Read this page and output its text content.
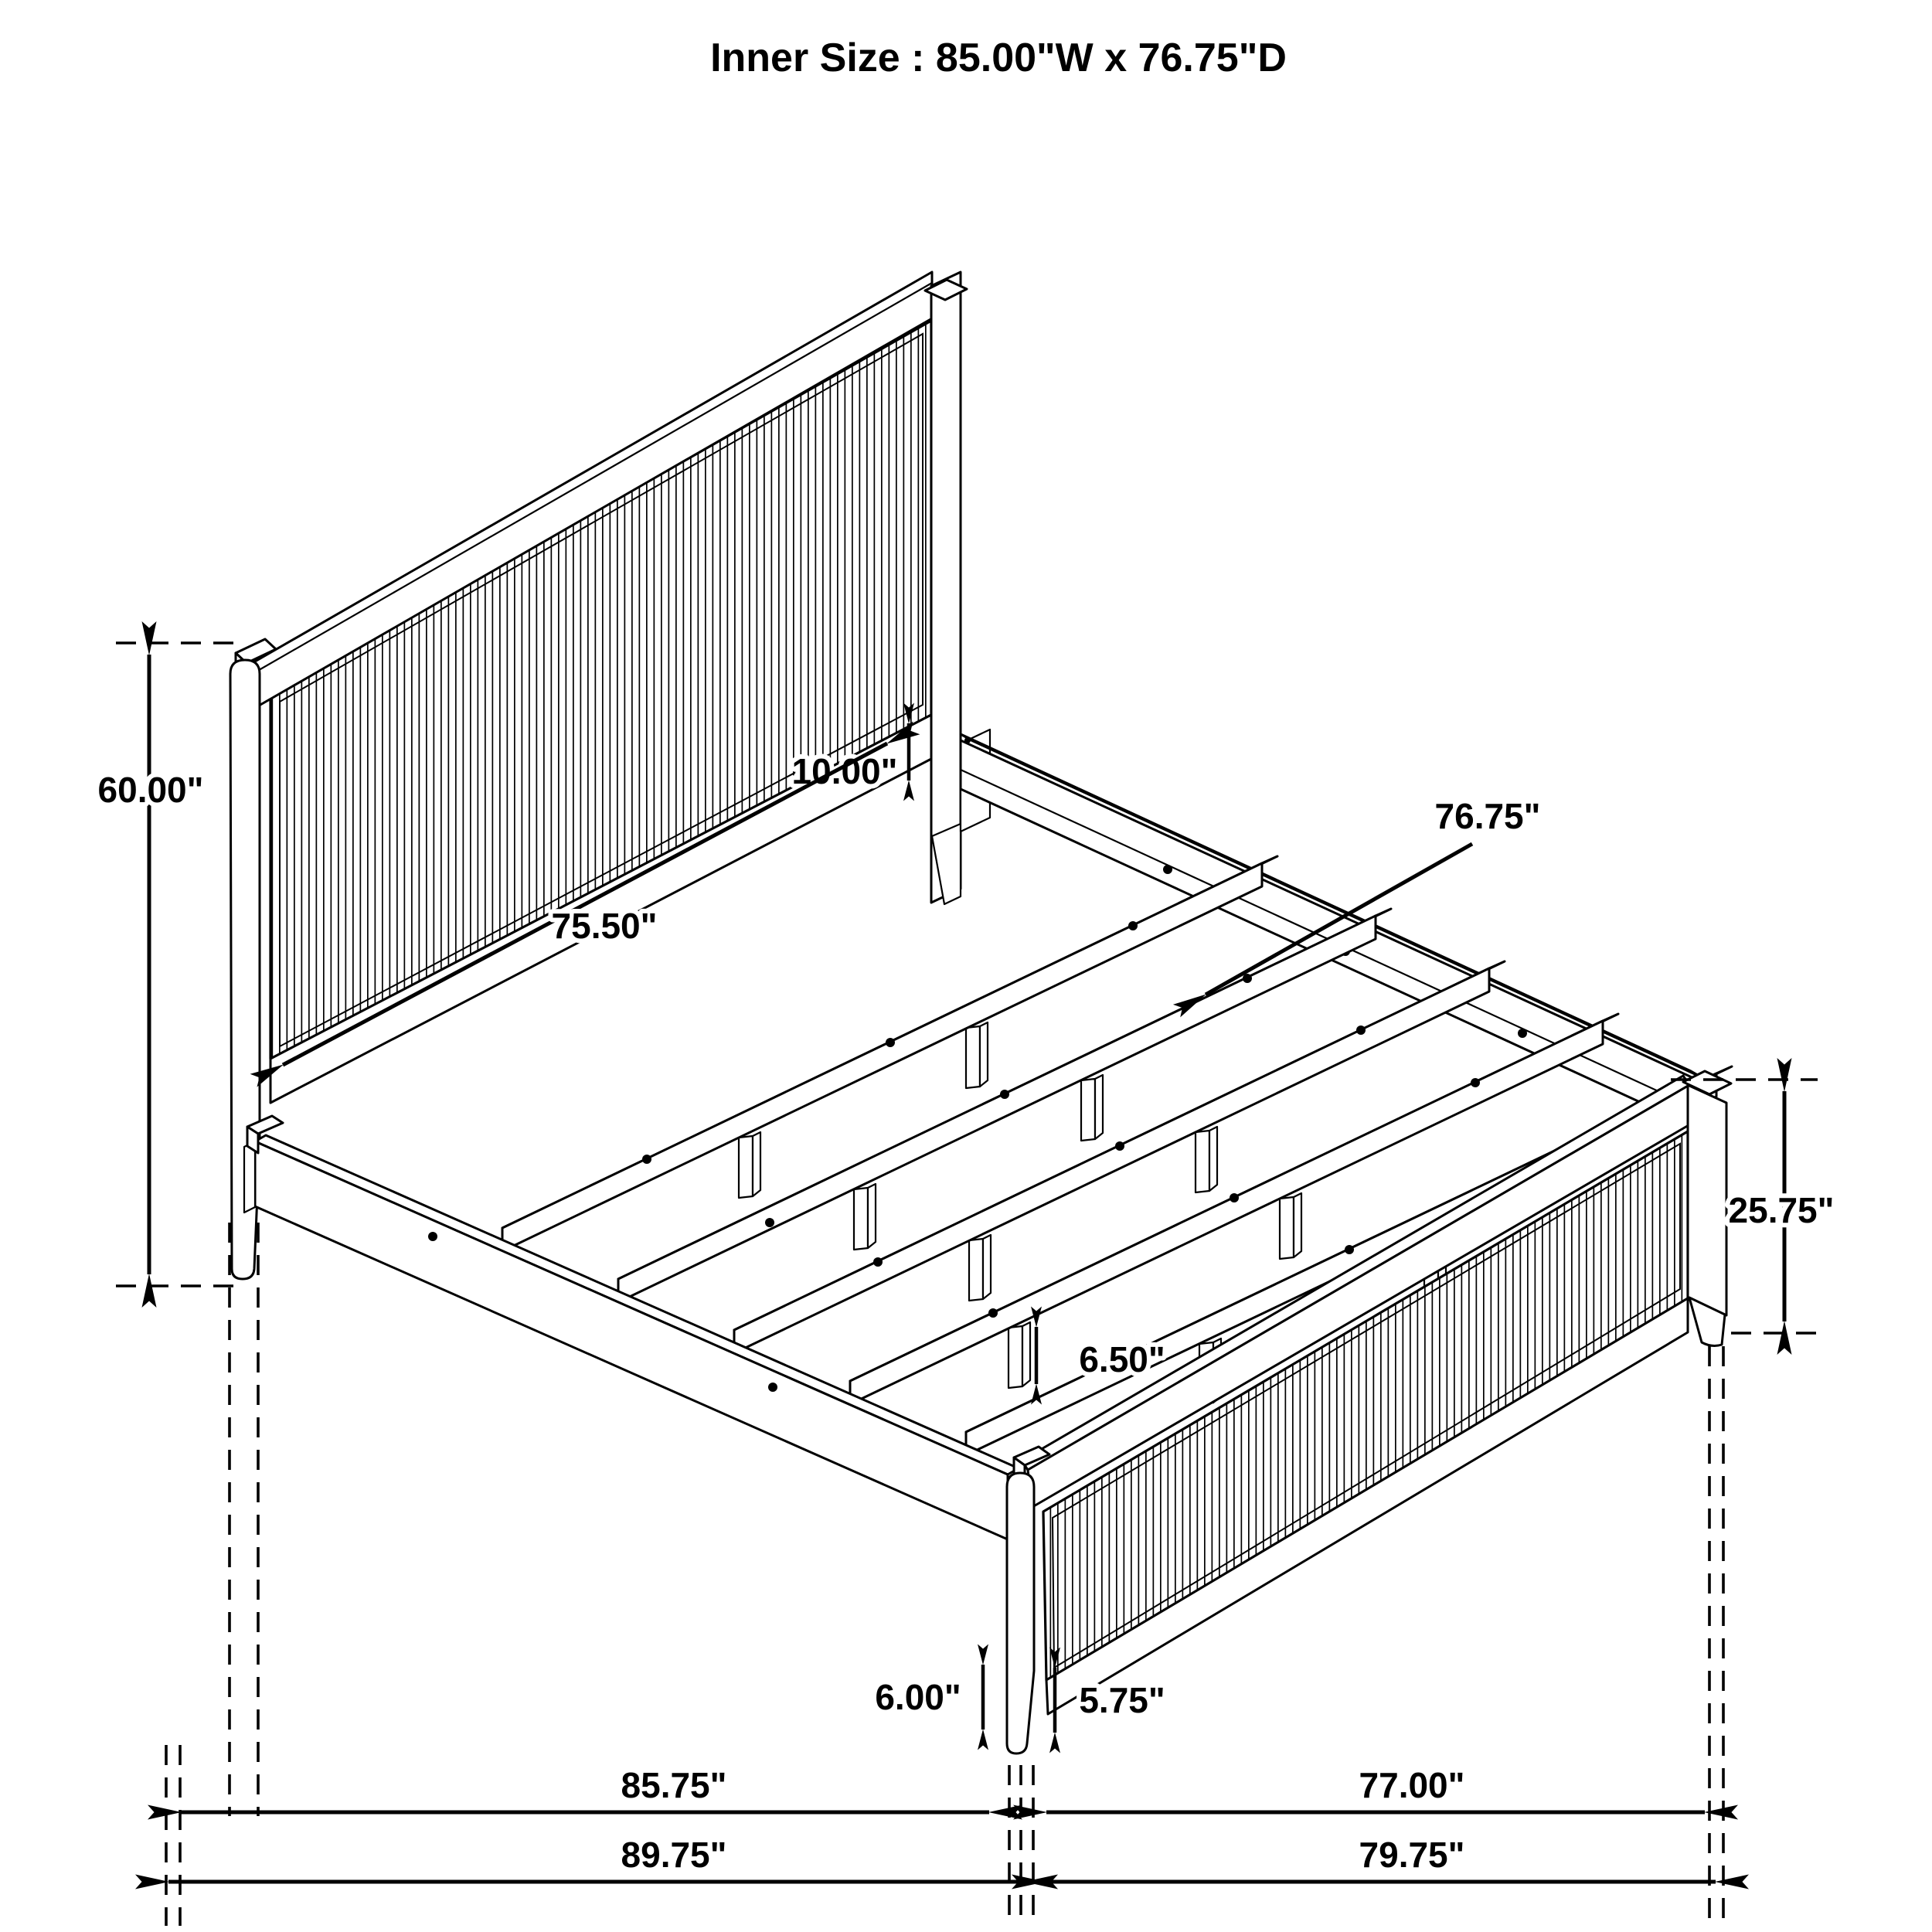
Inner Size : 85.00"W x 76.75"D
60.00"	10.00"
75.50"
76.75"
25.75"
6.50"
6.00"	5.75"
85.75"	77.00"
89.75"	79.75"
